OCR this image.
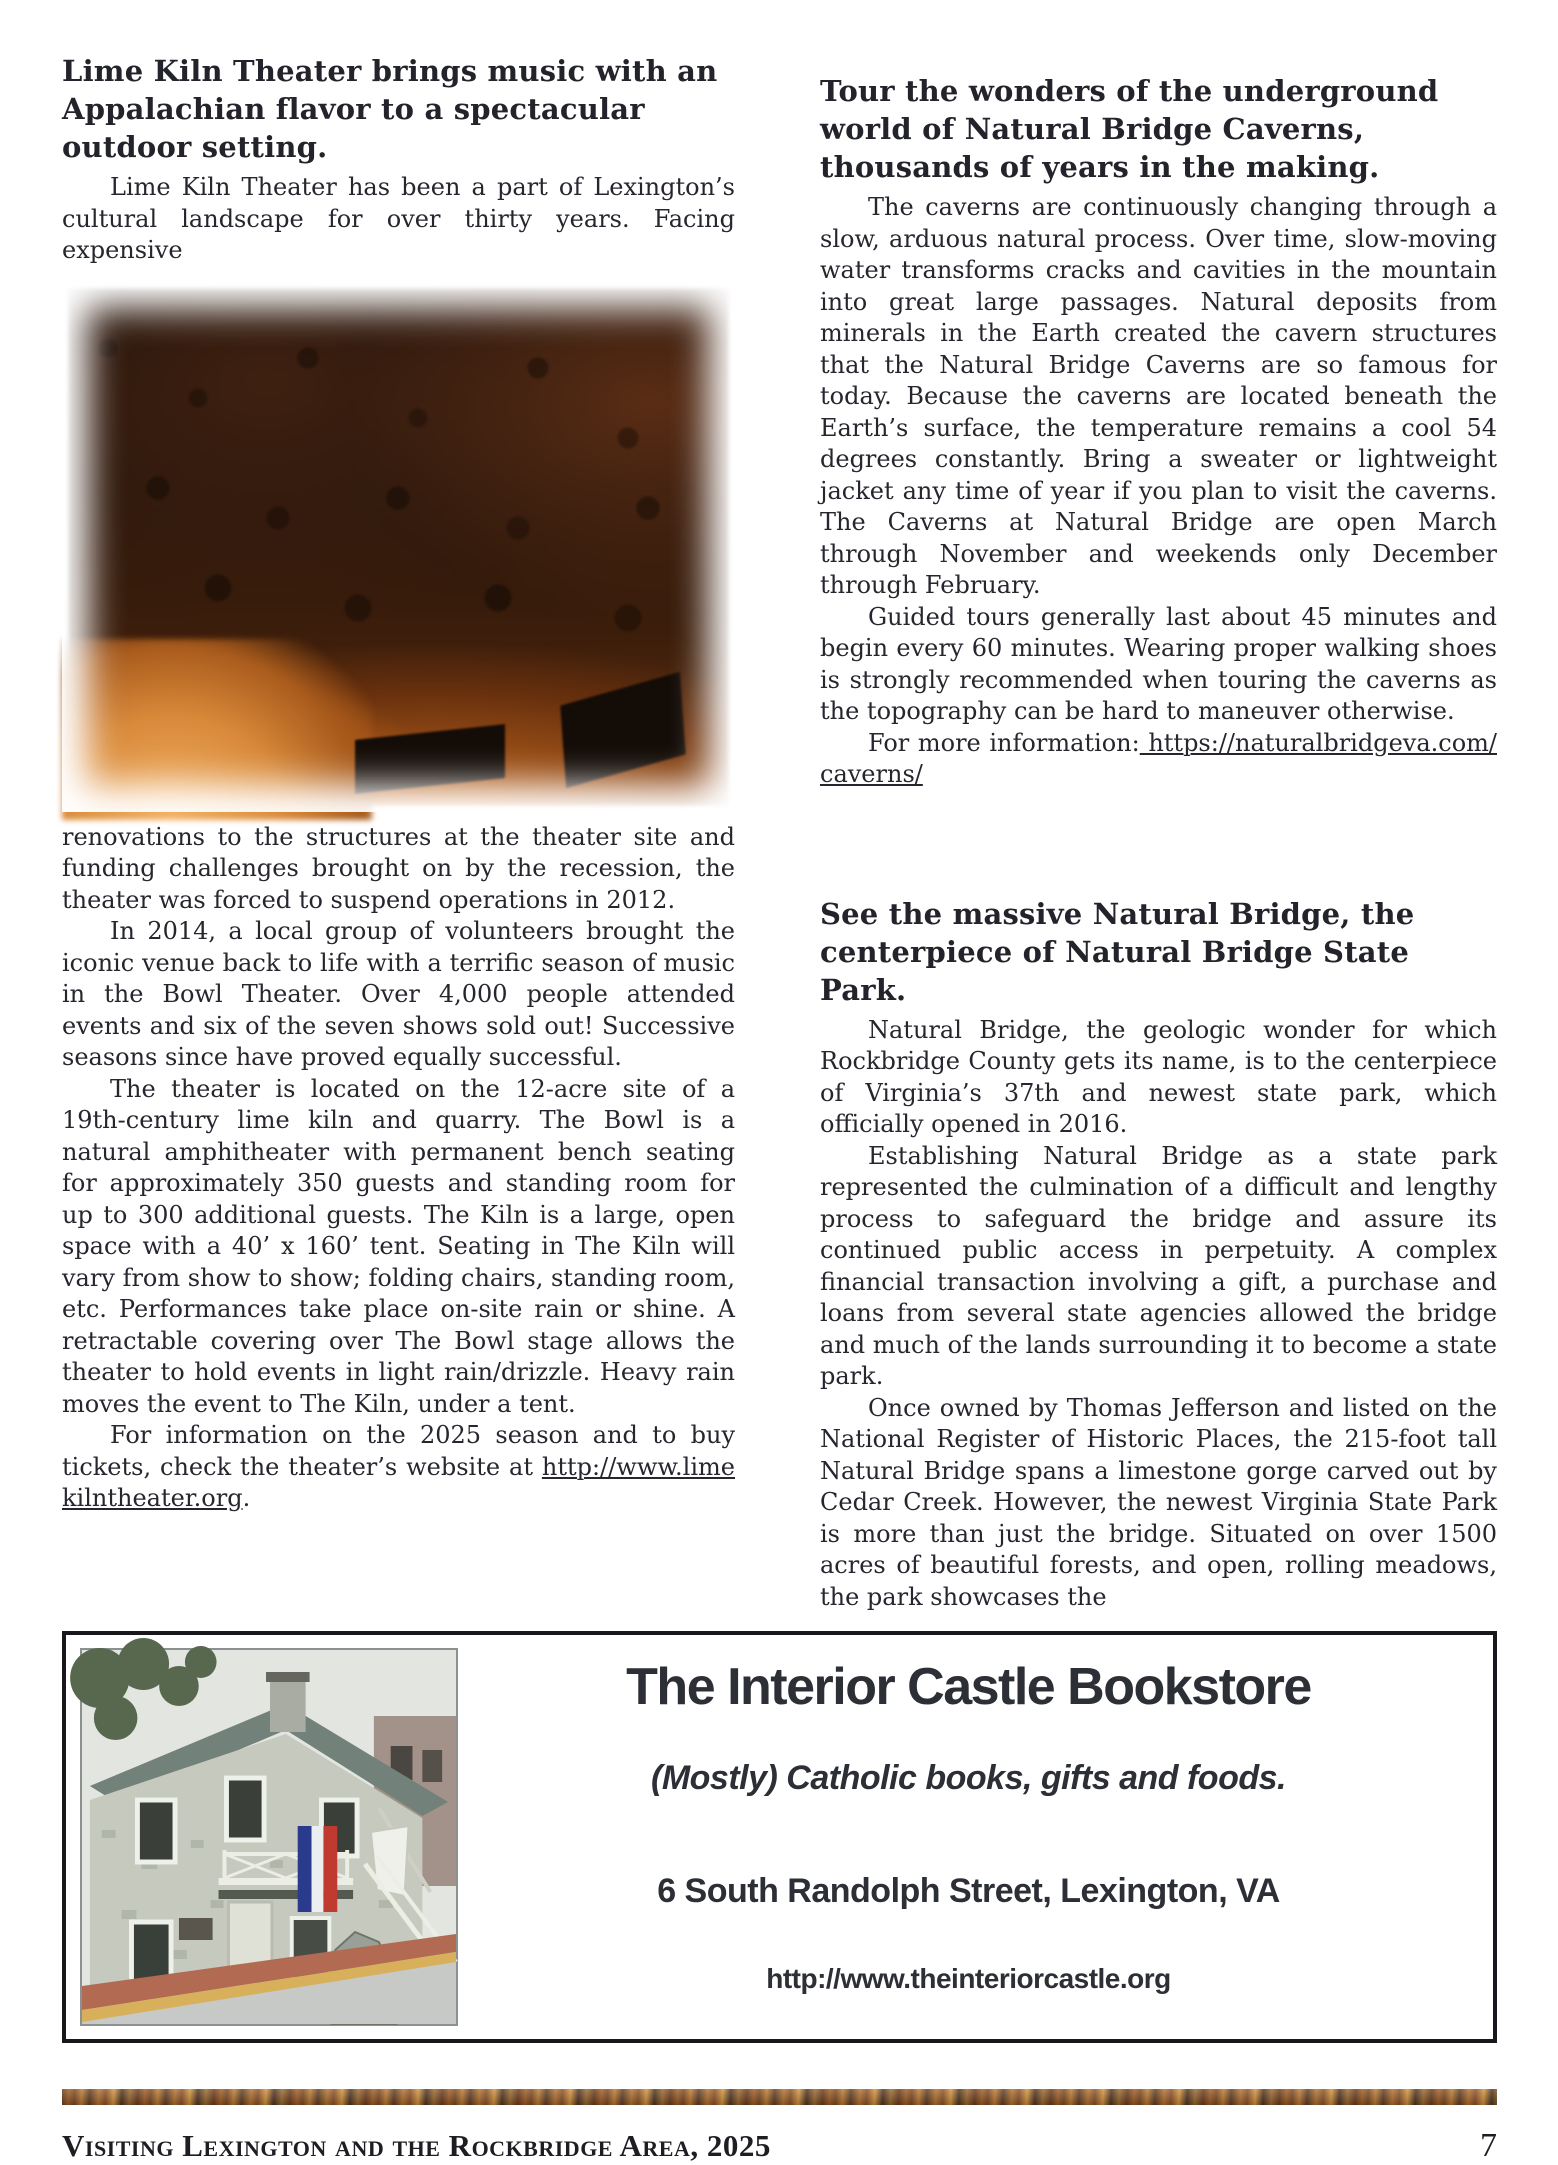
Lime Kiln Theater brings music with an Appalachian flavor to a spectacular outdoor setting.

Lime Kiln Theater has been a part of Lexington’s cultural landscape for over thirty years. Facing expensive

renovations to the structures at the theater site and funding challenges brought on by the recession, the theater was forced to suspend operations in 2012.

In 2014, a local group of volunteers brought the iconic venue back to life with a terrific season of music in the Bowl Theater. Over 4,000 people attended events and six of the seven shows sold out! Successive seasons since have proved equally successful.

The theater is located on the 12-acre site of a 19th-century lime kiln and quarry. The Bowl is a natural amphitheater with permanent bench seating for approximately 350 guests and standing room for up to 300 additional guests. The Kiln is a large, open space with a 40’ x 160’ tent. Seating in The Kiln will vary from show to show; folding chairs, standing room, etc. Performances take place on-site rain or shine. A retractable covering over The Bowl stage allows the theater to hold events in light rain/drizzle. Heavy rain moves the event to The Kiln, under a tent.

For information on the 2025 season and to buy tickets, check the theater’s website at http://www.limekilntheater.org.

Tour the wonders of the underground world of Natural Bridge Caverns, thousands of years in the making.

The caverns are continuously changing through a slow, arduous natural process. Over time, slow-moving water transforms cracks and cavities in the mountain into great large passages. Natural deposits from minerals in the Earth created the cavern structures that the Natural Bridge Caverns are so famous for today. Because the caverns are located beneath the Earth’s surface, the temperature remains a cool 54 degrees constantly. Bring a sweater or lightweight jacket any time of year if you plan to visit the caverns. The Caverns at Natural Bridge are open March through November and weekends only December through February.

Guided tours generally last about 45 minutes and begin every 60 minutes. Wearing proper walking shoes is strongly recommended when touring the caverns as the topography can be hard to maneuver otherwise.

For more information: https://naturalbridgeva.com/caverns/

See the massive Natural Bridge, the centerpiece of Natural Bridge State Park.

Natural Bridge, the geologic wonder for which Rockbridge County gets its name, is to the centerpiece of Virginia’s 37th and newest state park, which officially opened in 2016.

Establishing Natural Bridge as a state park represented the culmination of a difficult and lengthy process to safeguard the bridge and assure its continued public access in perpetuity. A complex financial transaction involving a gift, a purchase and loans from several state agencies allowed the bridge and much of the lands surrounding it to become a state park.

Once owned by Thomas Jefferson and listed on the National Register of Historic Places, the 215-foot tall Natural Bridge spans a limestone gorge carved out by Cedar Creek. However, the newest Virginia State Park is more than just the bridge. Situated on over 1500 acres of beautiful forests, and open, rolling meadows, the park showcases the

The Interior Castle Bookstore
(Mostly) Catholic books, gifts and foods.
6 South Randolph Street, Lexington, VA
http://www.theinteriorcastle.org
Visiting Lexington and the Rockbridge Area, 2025	7
